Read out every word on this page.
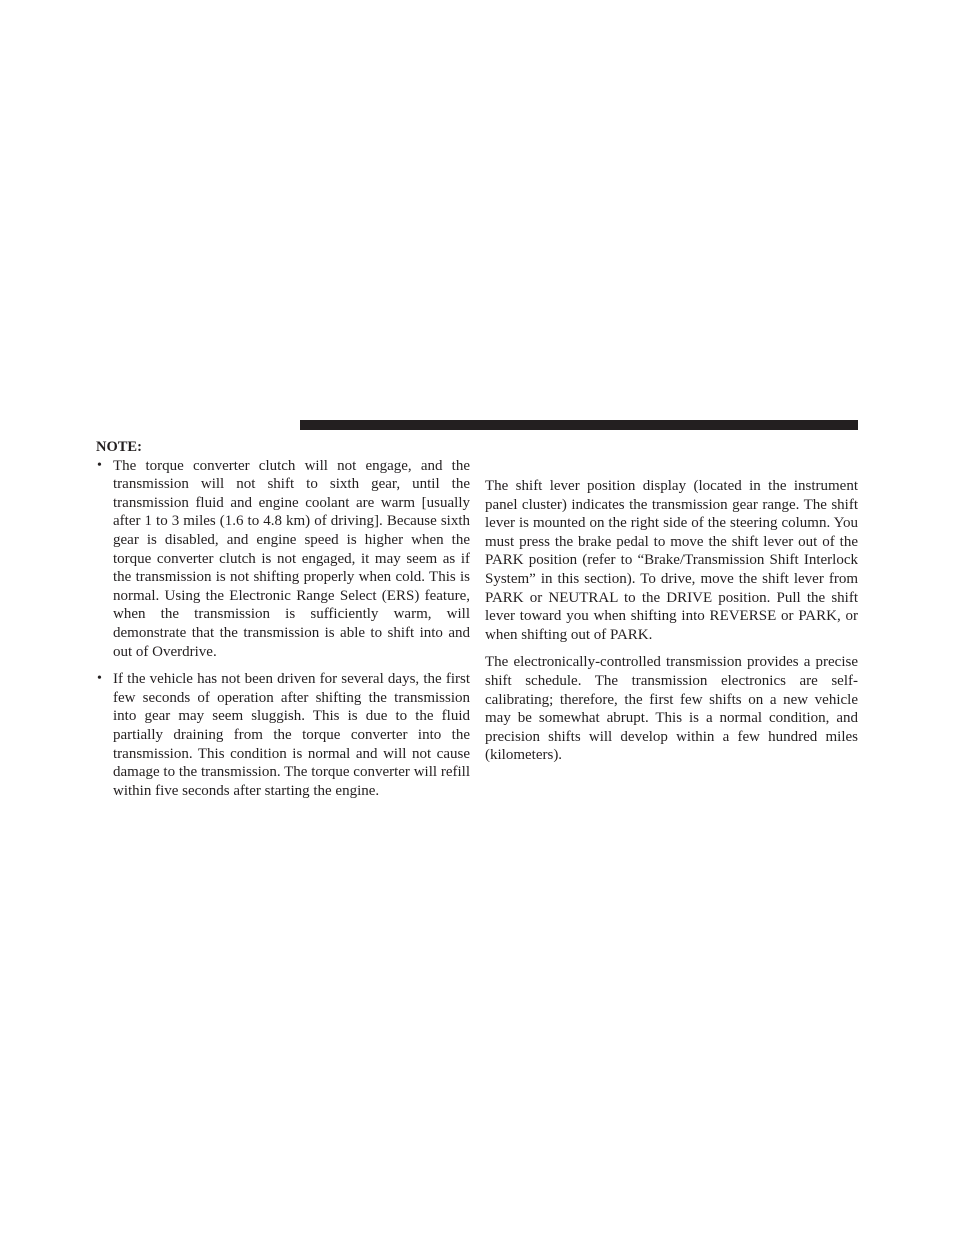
NOTE:
• The torque converter clutch will not engage, and the transmission will not shift to sixth gear, until the transmission fluid and engine coolant are warm [usually after 1 to 3 miles (1.6 to 4.8 km) of driving]. Because sixth gear is disabled, and engine speed is higher when the torque converter clutch is not engaged, it may seem as if the transmission is not shifting properly when cold. This is normal. Using the Electronic Range Select (ERS) feature, when the transmission is sufficiently warm, will demonstrate that the transmission is able to shift into and out of Overdrive.

• If the vehicle has not been driven for several days, the first few seconds of operation after shifting the transmission into gear may seem sluggish. This is due to the fluid partially draining from the torque converter into the transmission. This condition is normal and will not cause damage to the transmission. The torque converter will refill within five seconds after starting the engine.

The shift lever position display (located in the instrument panel cluster) indicates the transmission gear range. The shift lever is mounted on the right side of the steering column. You must press the brake pedal to move the shift lever out of the PARK position (refer to “Brake/Transmission Shift Interlock System” in this section). To drive, move the shift lever from PARK or NEUTRAL to the DRIVE position. Pull the shift lever toward you when shifting into REVERSE or PARK, or when shifting out of PARK.

The electronically-controlled transmission provides a precise shift schedule. The transmission electronics are self-calibrating; therefore, the first few shifts on a new vehicle may be somewhat abrupt. This is a normal condition, and precision shifts will develop within a few hundred miles (kilometers).
